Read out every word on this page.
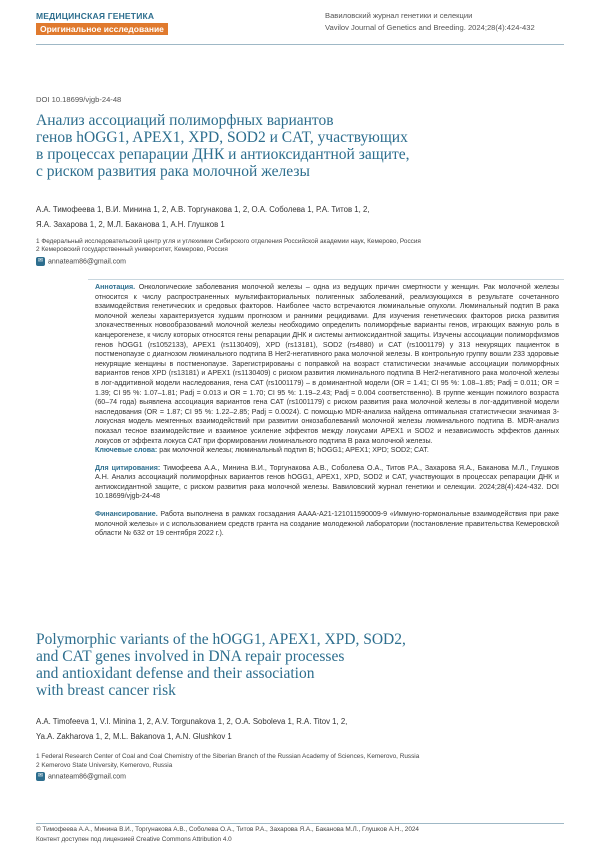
МЕДИЦИНСКАЯ ГЕНЕТИКА
Оригинальное исследование
Вавиловский журнал генетики и селекции
Vavilov Journal of Genetics and Breeding. 2024;28(4):424-432
DOI 10.18699/vjgb-24-48
Анализ ассоциаций полиморфных вариантов
генов hOGG1, APEX1, XPD, SOD2 и CAT, участвующих
в процессах репарации ДНК и антиоксидантной защите,
с риском развития рака молочной железы
А.А. Тимофеева 1, В.И. Минина 1, 2, А.В. Торгунакова 1, 2, О.А. Соболева 1, Р.А. Титов 1, 2,
Я.А. Захарова 1, 2, М.Л. Баканова 1, А.Н. Глушков 1
1 Федеральный исследовательский центр угля и углехимии Сибирского отделения Российской академии наук, Кемерово, Россия
2 Кемеровский государственный университет, Кемерово, Россия
✉ annateam86@gmail.com
Аннотация. Онкологические заболевания молочной железы – одна из ведущих причин смертности у женщин. Рак молочной железы относится к числу распространенных мультифакториальных полигенных заболеваний, реализующихся в результате сочетанного взаимодействия генетических и средовых факторов. Наиболее часто встречаются люминальные опухоли. Люминальный подтип В рака молочной железы характеризуется худшим прогнозом и ранними рецидивами. Для изучения генетических факторов риска развития злокачественных новообразований молочной железы необходимо определить полиморфные варианты генов, играющих важную роль в канцерогенезе, к числу которых относятся гены репарации ДНК и системы антиоксидантной защиты. Изучены ассоциации полиморфизмов генов hOGG1 (rs1052133), APEX1 (rs1130409), XPD (rs13181), SOD2 (rs4880) и CAT (rs1001179) у 313 некурящих пациенток в постменопаузе с диагнозом люминального подтипа В Her2-негативного рака молочной железы. В контрольную группу вошли 233 здоровые некурящие женщины в постменопаузе. Зарегистрированы с поправкой на возраст статистически значимые ассоциации полиморфных вариантов генов XPD (rs13181) и APEX1 (rs1130409) с риском развития люминального подтипа В Her2-негативного рака молочной железы в лог-аддитивной модели наследования, гена CAT (rs1001179) – в доминантной модели (OR = 1.41; CI 95 %: 1.08–1.85; Padj = 0.011; OR = 1.39; CI 95 %: 1.07–1.81; Padj = 0.013 и OR = 1.70; CI 95 %: 1.19–2.43; Padj = 0.004 соответственно). В группе женщин пожилого возраста (60–74 года) выявлена ассоциация вариантов гена CAT (rs1001179) с риском развития рака молочной железы в лог-аддитивной модели наследования (OR = 1.87; CI 95 %: 1.22–2.85; Padj = 0.0024). С помощью MDR-анализа найдена оптимальная статистически значимая 3-локусная модель межгенных взаимодействий при развитии онкозаболеваний молочной железы люминального подтипа В. MDR-анализ показал тесное взаимодействие и взаимное усиление эффектов между локусами APEX1 и SOD2 и независимость эффектов данных локусов от эффекта локуса CAT при формировании люминального подтипа В рака молочной железы.
Ключевые слова: рак молочной железы; люминальный подтип В; hOGG1; APEX1; XPD; SOD2; CAT.
Для цитирования: Тимофеева А.А., Минина В.И., Торгунакова А.В., Соболева О.А., Титов Р.А., Захарова Я.А., Баканова М.Л., Глушков А.Н. Анализ ассоциаций полиморфных вариантов генов hOGG1, APEX1, XPD, SOD2 и CAT, участвующих в процессах репарации ДНК и антиоксидантной защите, с риском развития рака молочной железы. Вавиловский журнал генетики и селекции. 2024;28(4):424-432. DOI 10.18699/vjgb-24-48
Финансирование. Работа выполнена в рамках госзадания АААА-А21-121011590009-9 «Иммуно-гормональные взаимодействия при раке молочной железы» и с использованием средств гранта на создание молодежной лаборатории (постановление правительства Кемеровской области № 632 от 19 сентября 2022 г.).
Polymorphic variants of the hOGG1, APEX1, XPD, SOD2,
and CAT genes involved in DNA repair processes
and antioxidant defense and their association
with breast cancer risk
A.A. Timofeeva 1, V.I. Minina 1, 2, A.V. Torgunakova 1, 2, O.A. Soboleva 1, R.A. Titov 1, 2,
Ya.A. Zakharova 1, 2, M.L. Bakanova 1, A.N. Glushkov 1
1 Federal Research Center of Coal and Coal Chemistry of the Siberian Branch of the Russian Academy of Sciences, Kemerovo, Russia
2 Kemerovo State University, Kemerovo, Russia
✉ annateam86@gmail.com
© Тимофеева А.А., Минина В.И., Торгунакова А.В., Соболева О.А., Титов Р.А., Захарова Я.А., Баканова М.Л., Глушков А.Н., 2024
Контент доступен под лицензией Creative Commons Attribution 4.0
